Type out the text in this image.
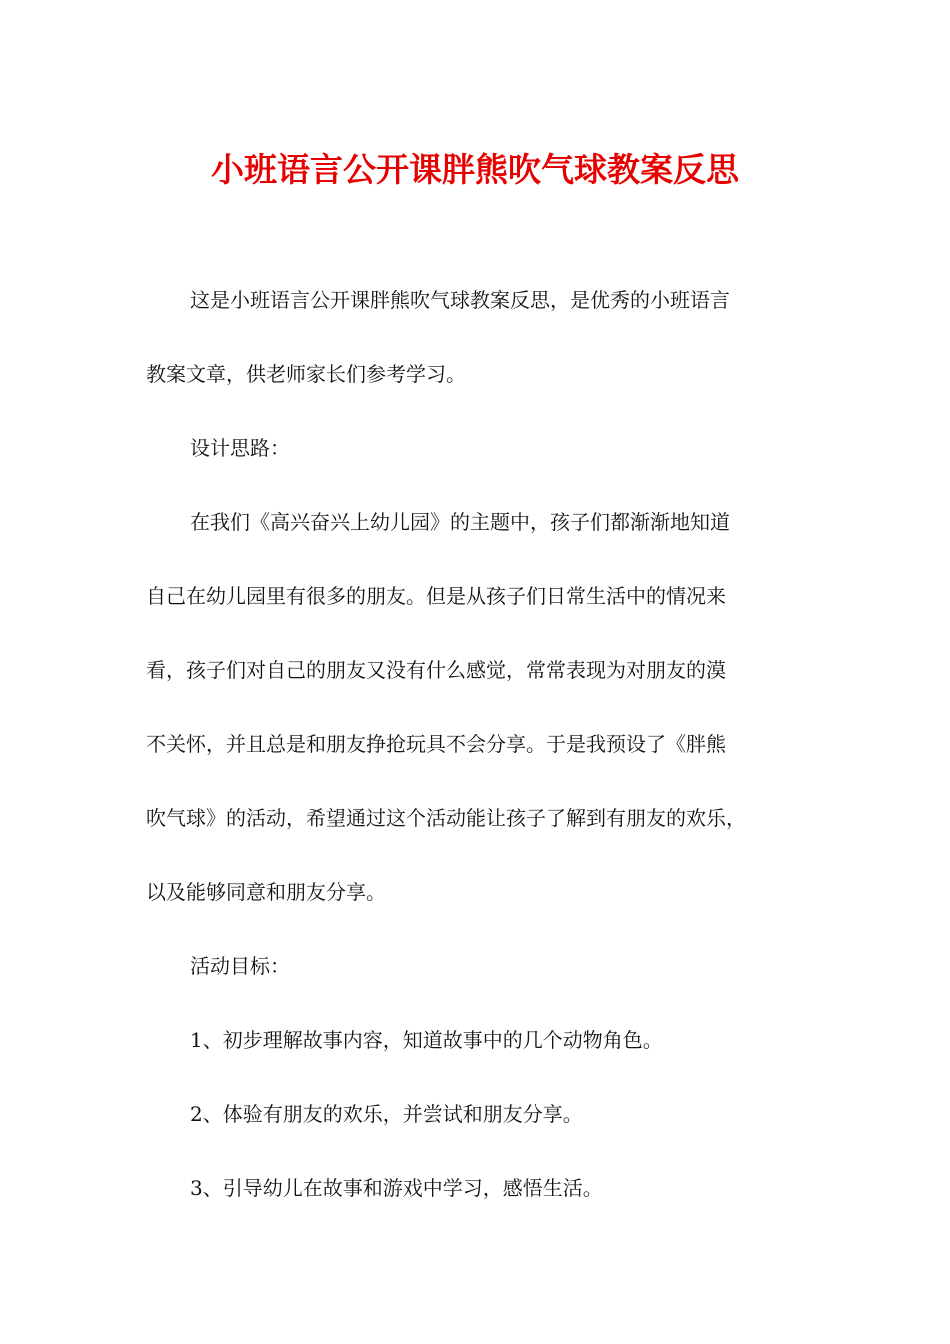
小班语言公开课胖熊吹气球教案反思
这是小班语言公开课胖熊吹气球教案反思，是优秀的小班语言
教案文章，供老师家长们参考学习。
设计思路：
在我们《高兴奋兴上幼儿园》的主题中，孩子们都渐渐地知道
自己在幼儿园里有很多的朋友。但是从孩子们日常生活中的情况来
看，孩子们对自己的朋友又没有什么感觉，常常表现为对朋友的漠
不关怀，并且总是和朋友挣抢玩具不会分享。于是我预设了《胖熊
吹气球》的活动，希望通过这个活动能让孩子了解到有朋友的欢乐，
以及能够同意和朋友分享。
活动目标：
1、初步理解故事内容，知道故事中的几个动物角色。
2、体验有朋友的欢乐，并尝试和朋友分享。
3、引导幼儿在故事和游戏中学习，感悟生活。
